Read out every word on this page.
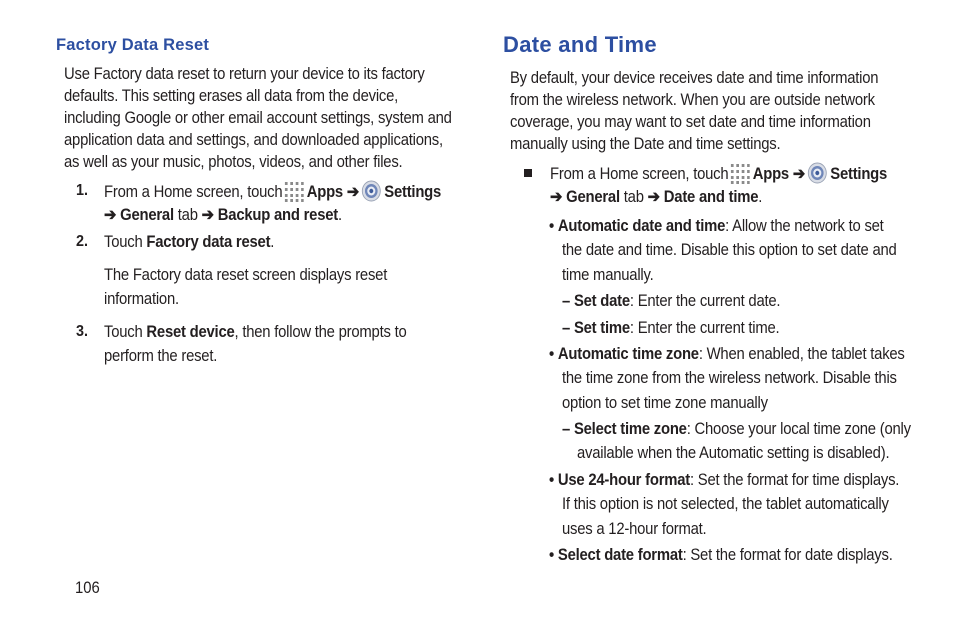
Factory Data Reset
Use Factory data reset to return your device to its factory
defaults. This setting erases all data from the device,
including Google or other email account settings, system and
application data and settings, and downloaded applications,
as well as your music, photos, videos, and other files.
1. From a Home screen, touch Apps ➔ Settings
➔ General tab ➔ Backup and reset.
2. Touch Factory data reset.
The Factory data reset screen displays reset
information.
3. Touch Reset device, then follow the prompts to
perform the reset.
106
Date and Time
By default, your device receives date and time information
from the wireless network. When you are outside network
coverage, you may want to set date and time information
manually using the Date and time settings.
From a Home screen, touch Apps ➔ Settings
➔ General tab ➔ Date and time.
• Automatic date and time: Allow the network to set
the date and time. Disable this option to set date and
time manually.
– Set date: Enter the current date.
– Set time: Enter the current time.
• Automatic time zone: When enabled, the tablet takes
the time zone from the wireless network. Disable this
option to set time zone manually
– Select time zone: Choose your local time zone (only
available when the Automatic setting is disabled).
• Use 24-hour format: Set the format for time displays.
If this option is not selected, the tablet automatically
uses a 12-hour format.
• Select date format: Set the format for date displays.
